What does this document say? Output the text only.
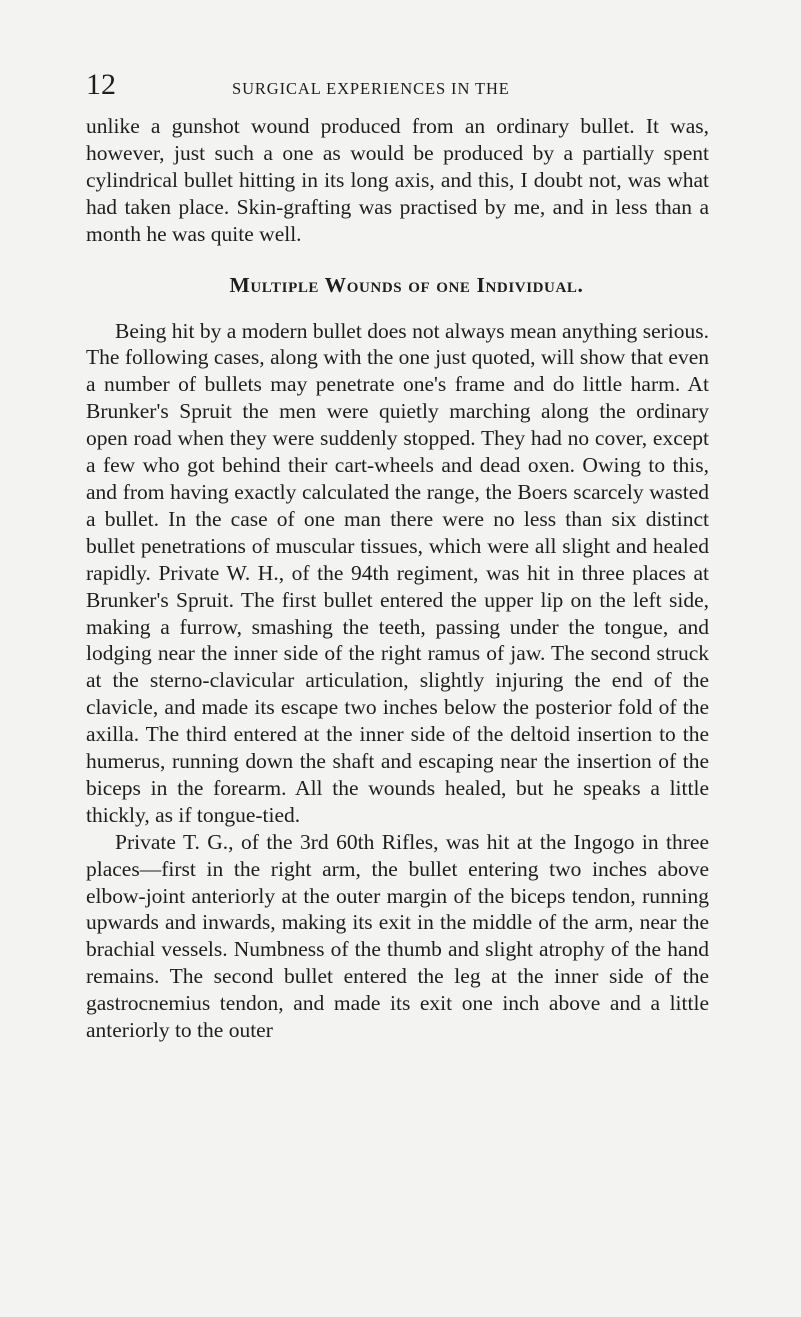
12	SURGICAL EXPERIENCES IN THE

unlike a gunshot wound produced from an ordinary bullet. It was, however, just such a one as would be produced by a partially spent cylindrical bullet hitting in its long axis, and this, I doubt not, was what had taken place. Skin-grafting was practised by me, and in less than a month he was quite well.

Multiple Wounds of one Individual.

Being hit by a modern bullet does not always mean anything serious. The following cases, along with the one just quoted, will show that even a number of bullets may penetrate one's frame and do little harm. At Brunker's Spruit the men were quietly marching along the ordinary open road when they were suddenly stopped. They had no cover, except a few who got behind their cart-wheels and dead oxen. Owing to this, and from having exactly calculated the range, the Boers scarcely wasted a bullet. In the case of one man there were no less than six distinct bullet penetrations of muscular tissues, which were all slight and healed rapidly. Private W. H., of the 94th regiment, was hit in three places at Brunker's Spruit. The first bullet entered the upper lip on the left side, making a furrow, smashing the teeth, passing under the tongue, and lodging near the inner side of the right ramus of jaw. The second struck at the sterno-clavicular articulation, slightly injuring the end of the clavicle, and made its escape two inches below the posterior fold of the axilla. The third entered at the inner side of the deltoid insertion to the humerus, running down the shaft and escaping near the insertion of the biceps in the forearm. All the wounds healed, but he speaks a little thickly, as if tongue-tied.

Private T. G., of the 3rd 60th Rifles, was hit at the Ingogo in three places—first in the right arm, the bullet entering two inches above elbow-joint anteriorly at the outer margin of the biceps tendon, running upwards and inwards, making its exit in the middle of the arm, near the brachial vessels. Numbness of the thumb and slight atrophy of the hand remains. The second bullet entered the leg at the inner side of the gastrocnemius tendon, and made its exit one inch above and a little anteriorly to the outer
